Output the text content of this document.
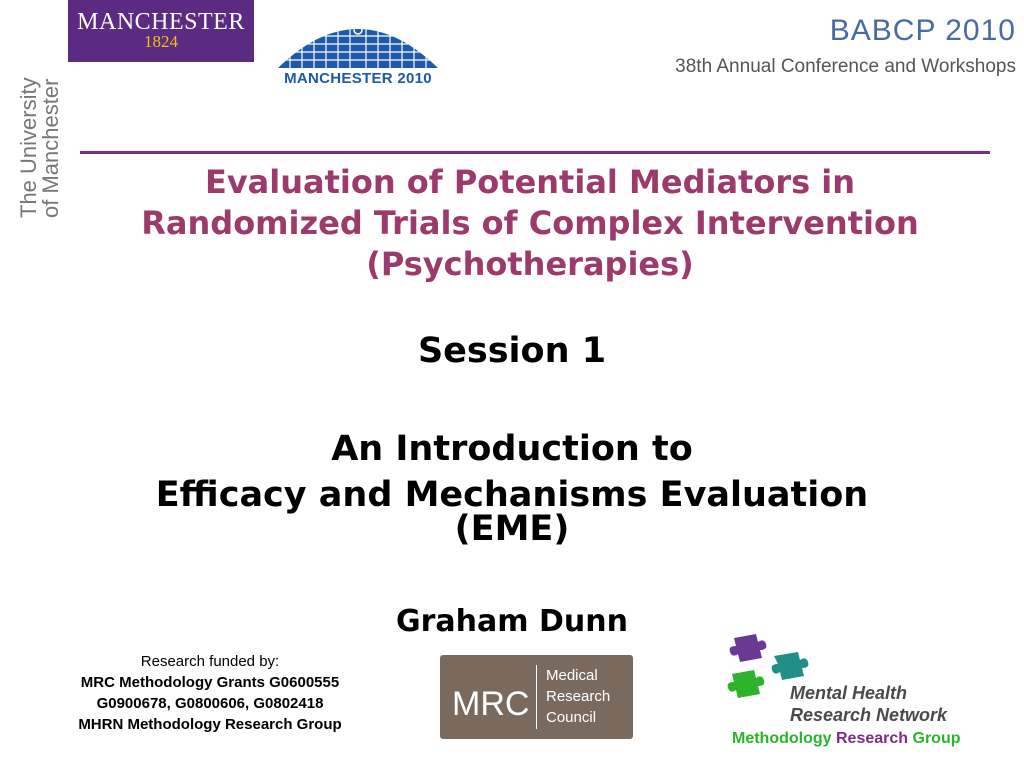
MANCHESTER
1824
MANCHESTER 2010
BABCP 2010
38th Annual Conference and Workshops
The University
of Manchester	Evaluation of Potential Mediators in
Randomized Trials of Complex Intervention
(Psychotherapies)
Session 1
An Introduction to
Efficacy and Mechanisms Evaluation
(EME)
Graham Dunn
Research funded by:
MRC Methodology Grants G0600555
G0900678, G0800606, G0802418
MHRN Methodology Research Group
MRC
Medical
Research
Council
Mental Health
Research Network
Methodology Research Group
